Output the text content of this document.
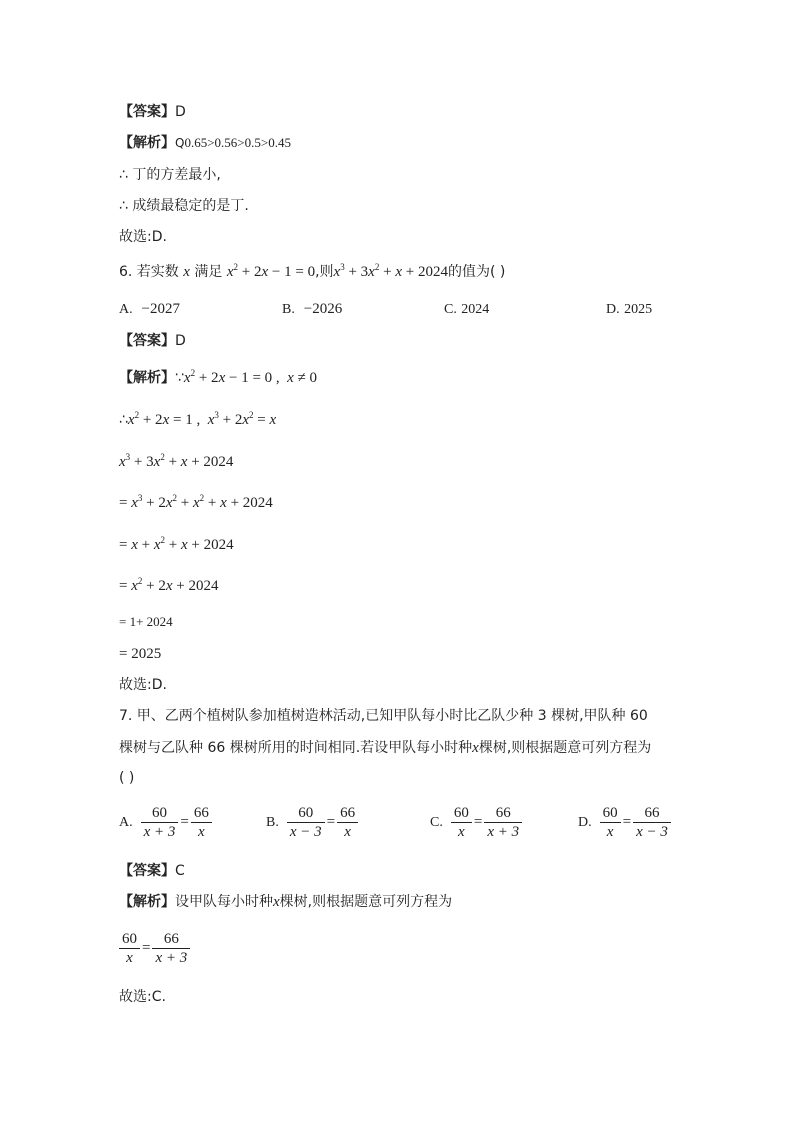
【答案】D
【解析】Q0.65>0.56>0.5>0.45
∴ 丁的方差最小,
∴ 成绩最稳定的是丁.
故选:D.
6. 若实数 x 满足 $x^2 + 2x - 1 = 0$,则$x^3 + 3x^2 + x + 2024$的值为( )
A. −2027	B. −2026	C. 2024	D. 2025
【答案】D
【解析】$\because x^2 + 2x - 1 = 0$ ,  x ≠ 0
$\therefore x^2 + 2x = 1$ ,  $x^3 + 2x^2 = x$
$x^3 + 3x^2 + x + 2024$
= $x^3 + 2x^2 + x^2 + x + 2024$
= $x + x^2 + x + 2024$
= $x^2 + 2x + 2024$
= 1+ 2024
= 2025
故选:D.
7. 甲、乙两个植树队参加植树造林活动,已知甲队每小时比乙队少种 3 棵树,甲队种 60
棵树与乙队种 66 棵树所用的时间相同.若设甲队每小时种x棵树,则根据题意可列方程为
( )
A. $\frac{60}{x + 3} = \frac{66}{x}$	B. $\frac{60}{x - 3} = \frac{66}{x}$	C. $\frac{60}{x} = \frac{66}{x + 3}$	D. $\frac{60}{x} = \frac{66}{x - 3}$
【答案】C
【解析】设甲队每小时种x棵树,则根据题意可列方程为
$\frac{60}{x} = \frac{66}{x + 3}$
故选:C.
